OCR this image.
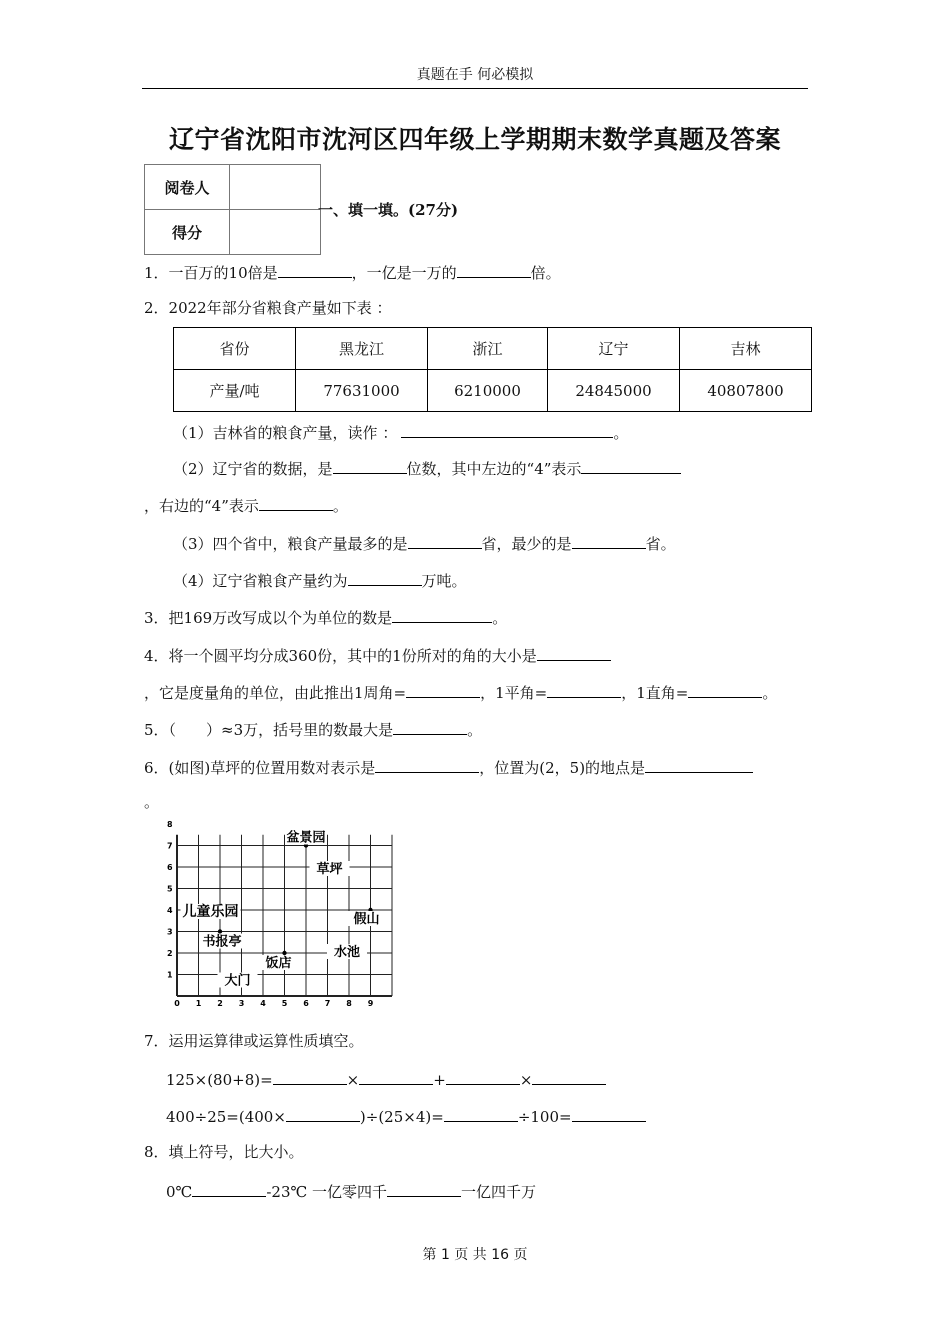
真题在手 何必模拟
辽宁省沈阳市沈河区四年级上学期期末数学真题及答案
阅卷人	
得分	
一、填一填。(27分)
1．一百万的10倍是	，一亿是一万的	倍。
2．2022年部分省粮食产量如下表 ：
省份	黑龙江	浙江	辽宁	吉林
产量/吨	77631000	6210000	24845000	40807800
（1）吉林省的粮食产量，读作 ：	。
（2）辽宁省的数据，是	位数，其中左边的“4”表示
，右边的“4”表示	。
（3）四个省中，粮食产量最多的是	省，最少的是	省。
（4）辽宁省粮食产量约为	万吨。
3．把169万改写成以个为单位的数是	。
4．将一个圆平均分成360份，其中的1份所对的角的大小是
，它是度量角的单位，由此推出1周角=	，1平角=	，1直角=	。
5．（　　）≈3万，括号里的数最大是	。
6．(如图)草坪的位置用数对表示是	，位置为(2，5)的地点是
。
0 1 2 3 4 5 6 7 8 9
1
2
3
4
5
6
7
8
盆景园
草坪
儿童乐园	假山
书报亭
水池
饭店
大门
7．运用运算律或运算性质填空。
125×(80+8)=	×	+	×
400÷25=(400×	)÷(25×4)=	÷100=
8．填上符号，比大小。
0℃	-23℃ 一亿零四千	一亿四千万
第 1 页 共 16 页
